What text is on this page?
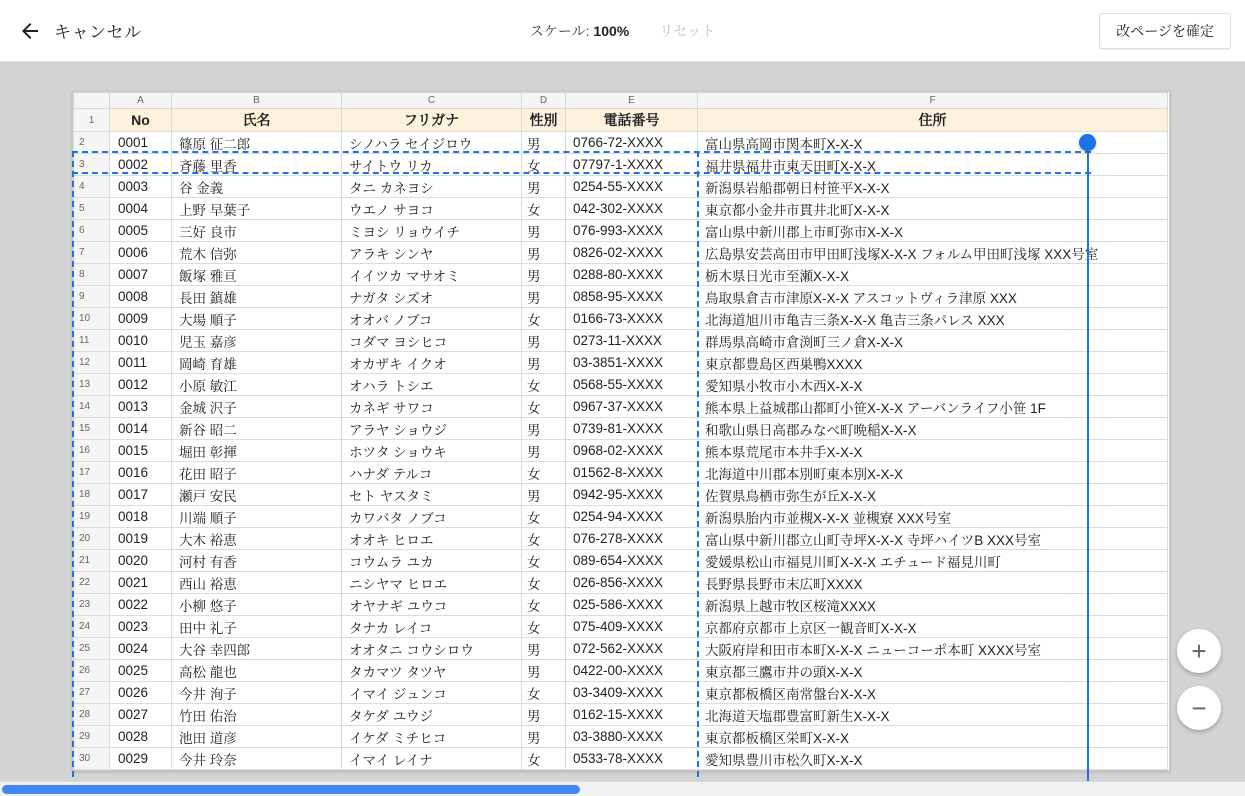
キャンセル	スケール: 100% リセット	改ページを確定
	A	B	C	D	E	F
1	No	氏名	フリガナ	性別	電話番号	住所
2	0001	篠原 征二郎	シノハラ セイジロウ	男	0766-72-XXXX	富山県高岡市関本町X-X-X
3	0002	斉藤 里香	サイトウ リカ	女	07797-1-XXXX	福井県福井市東天田町X-X-X
4	0003	谷 金義	タニ カネヨシ	男	0254-55-XXXX	新潟県岩船郡朝日村笹平X-X-X
5	0004	上野 早葉子	ウエノ サヨコ	女	042-302-XXXX	東京都小金井市貫井北町X-X-X
6	0005	三好 良市	ミヨシ リョウイチ	男	076-993-XXXX	富山県中新川郡上市町弥市X-X-X
7	0006	荒木 信弥	アラキ シンヤ	男	0826-02-XXXX	広島県安芸高田市甲田町浅塚X-X-X フォルム甲田町浅塚 XXX号室
8	0007	飯塚 雅亘	イイツカ マサオミ	男	0288-80-XXXX	栃木県日光市至瀬X-X-X
9	0008	長田 鎮雄	ナガタ シズオ	男	0858-95-XXXX	鳥取県倉吉市津原X-X-X アスコットヴィラ津原 XXX
10	0009	大場 順子	オオバ ノブコ	女	0166-73-XXXX	北海道旭川市亀吉三条X-X-X 亀吉三条パレス XXX
11	0010	児玉 嘉彦	コダマ ヨシヒコ	男	0273-11-XXXX	群馬県高崎市倉渕町三ノ倉X-X-X
12	0011	岡崎 育雄	オカザキ イクオ	男	03-3851-XXXX	東京都豊島区西巣鴨XXXX
13	0012	小原 敏江	オハラ トシエ	女	0568-55-XXXX	愛知県小牧市小木西X-X-X
14	0013	金城 沢子	カネギ サワコ	女	0967-37-XXXX	熊本県上益城郡山都町小笹X-X-X アーバンライフ小笹 1F
15	0014	新谷 昭二	アラヤ ショウジ	男	0739-81-XXXX	和歌山県日高郡みなべ町晩稲X-X-X
16	0015	堀田 彰揮	ホツタ ショウキ	男	0968-02-XXXX	熊本県荒尾市本井手X-X-X
17	0016	花田 昭子	ハナダ テルコ	女	01562-8-XXXX	北海道中川郡本別町東本別X-X-X
18	0017	瀬戸 安民	セト ヤスタミ	男	0942-95-XXXX	佐賀県鳥栖市弥生が丘X-X-X
19	0018	川端 順子	カワバタ ノブコ	女	0254-94-XXXX	新潟県胎内市並槻X-X-X 並槻寮 XXX号室
20	0019	大木 裕恵	オオキ ヒロエ	女	076-278-XXXX	富山県中新川郡立山町寺坪X-X-X 寺坪ハイツB XXX号室
21	0020	河村 有香	コウムラ ユカ	女	089-654-XXXX	愛媛県松山市福見川町X-X-X エチュード福見川町
22	0021	西山 裕恵	ニシヤマ ヒロエ	女	026-856-XXXX	長野県長野市末広町XXXX
23	0022	小柳 悠子	オヤナギ ユウコ	女	025-586-XXXX	新潟県上越市牧区桜滝XXXX
24	0023	田中 礼子	タナカ レイコ	女	075-409-XXXX	京都府京都市上京区一観音町X-X-X
25	0024	大谷 幸四郎	オオタニ コウシロウ	男	072-562-XXXX	大阪府岸和田市本町X-X-X ニューコーポ本町 XXXX号室
26	0025	高松 龍也	タカマツ タツヤ	男	0422-00-XXXX	東京都三鷹市井の頭X-X-X
27	0026	今井 洵子	イマイ ジュンコ	女	03-3409-XXXX	東京都板橋区南常盤台X-X-X
28	0027	竹田 佑治	タケダ ユウジ	男	0162-15-XXXX	北海道天塩郡豊富町新生X-X-X
29	0028	池田 道彦	イケダ ミチヒコ	男	03-3880-XXXX	東京都板橋区栄町X-X-X
30	0029	今井 玲奈	イマイ レイナ	女	0533-78-XXXX	愛知県豊川市松久町X-X-X
+
−
